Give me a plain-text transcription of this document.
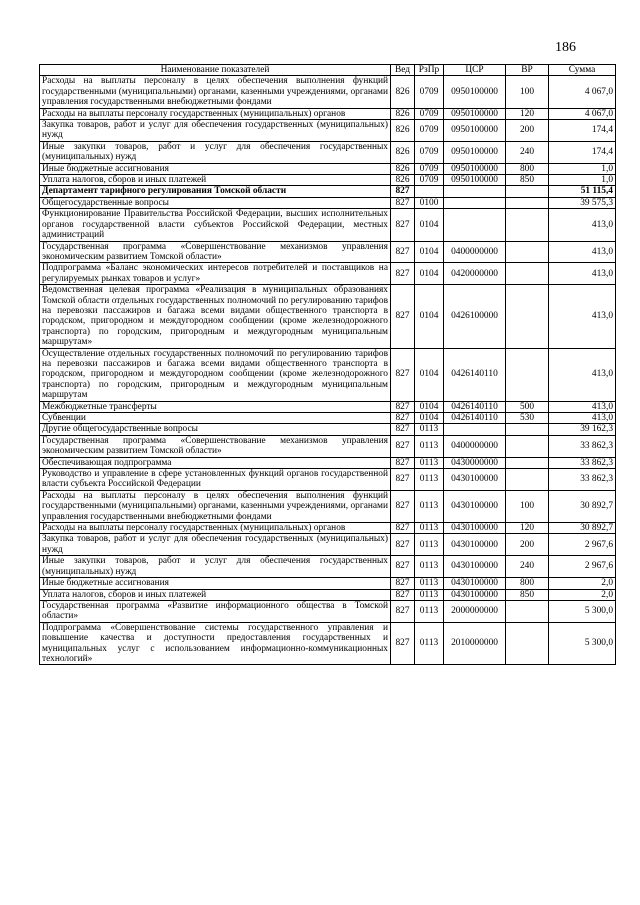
186
Наименование показателей	Вед	РзПр	ЦСР	ВР	Сумма
Расходы на выплаты персоналу в целях обеспечения выполнения функций государственными (муниципальными) органами, казенными учреждениями, органами управления государственными внебюджетными фондами	826	0709	0950100000	100	4 067,0
Расходы на выплаты персоналу государственных (муниципальных) органов	826	0709	0950100000	120	4 067,0
Закупка товаров, работ и услуг для обеспечения государственных (муниципальных) нужд	826	0709	0950100000	200	174,4
Иные закупки товаров, работ и услуг для обеспечения государственных (муниципальных) нужд	826	0709	0950100000	240	174,4
Иные бюджетные ассигнования	826	0709	0950100000	800	1,0
Уплата налогов, сборов и иных платежей	826	0709	0950100000	850	1,0
Департамент тарифного регулирования Томской области	827				51 115,4
Общегосударственные вопросы	827	0100			39 575,3
Функционирование Правительства Российской Федерации, высших исполнительных органов государственной власти субъектов Российской Федерации, местных администраций	827	0104			413,0
Государственная программа «Совершенствование механизмов управления экономическим развитием Томской области»	827	0104	0400000000		413,0
Подпрограмма «Баланс экономических интересов потребителей и поставщиков на регулируемых рынках товаров и услуг»	827	0104	0420000000		413,0
Ведомственная целевая программа «Реализация в муниципальных образованиях Томской области отдельных государственных полномочий по регулированию тарифов на перевозки пассажиров и багажа всеми видами общественного транспорта в городском, пригородном и междугородном сообщении (кроме железнодорожного транспорта) по городским, пригородным и междугородным муниципальным маршрутам»	827	0104	0426100000		413,0
Осуществление отдельных государственных полномочий по регулированию тарифов на перевозки пассажиров и багажа всеми видами общественного транспорта в городском, пригородном и междугородном сообщении (кроме железнодорожного транспорта) по городским, пригородным и междугородным муниципальным маршрутам	827	0104	0426140110		413,0
Межбюджетные трансферты	827	0104	0426140110	500	413,0
Субвенции	827	0104	0426140110	530	413,0
Другие общегосударственные вопросы	827	0113			39 162,3
Государственная программа «Совершенствование механизмов управления экономическим развитием Томской области»	827	0113	0400000000		33 862,3
Обеспечивающая подпрограмма	827	0113	0430000000		33 862,3
Руководство и управление в сфере установленных функций органов государственной власти субъекта Российской Федерации	827	0113	0430100000		33 862,3
Расходы на выплаты персоналу в целях обеспечения выполнения функций государственными (муниципальными) органами, казенными учреждениями, органами управления государственными внебюджетными фондами	827	0113	0430100000	100	30 892,7
Расходы на выплаты персоналу государственных (муниципальных) органов	827	0113	0430100000	120	30 892,7
Закупка товаров, работ и услуг для обеспечения государственных (муниципальных) нужд	827	0113	0430100000	200	2 967,6
Иные закупки товаров, работ и услуг для обеспечения государственных (муниципальных) нужд	827	0113	0430100000	240	2 967,6
Иные бюджетные ассигнования	827	0113	0430100000	800	2,0
Уплата налогов, сборов и иных платежей	827	0113	0430100000	850	2,0
Государственная программа «Развитие информационного общества в Томской области»	827	0113	2000000000		5 300,0
Подпрограмма «Совершенствование системы государственного управления и повышение качества и доступности предоставления государственных и муниципальных услуг с использованием информационно-коммуникационных технологий»	827	0113	2010000000		5 300,0
